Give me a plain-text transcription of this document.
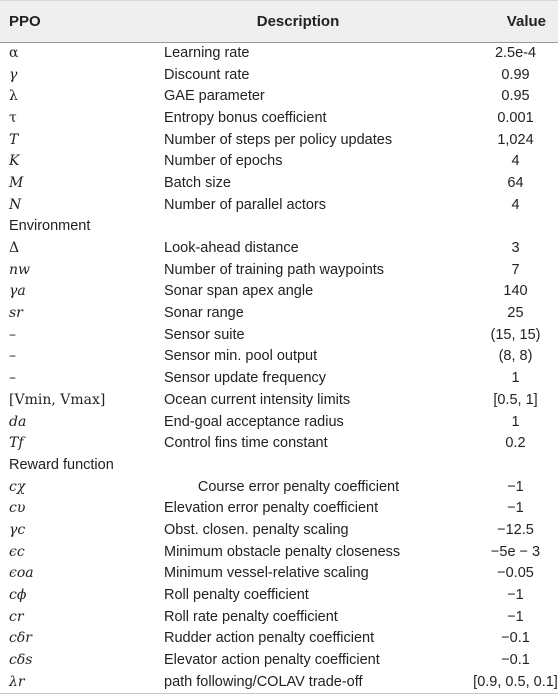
PPO	Description	Value
α	Learning rate	2.5e-4
γ	Discount rate	0.99
λ	GAE parameter	0.95
τ	Entropy bonus coefficient	0.001
T	Number of steps per policy updates	1,024
K	Number of epochs	4
M	Batch size	64
N	Number of parallel actors	4
Environment		
Δ	Look-ahead distance	3
nw	Number of training path waypoints	7
γa	Sonar span apex angle	140
sr	Sonar range	25
–	Sensor suite	(15, 15)
–	Sensor min. pool output	(8, 8)
–	Sensor update frequency	1
[Vmin, Vmax]	Ocean current intensity limits	[0.5, 1]
da	End-goal acceptance radius	1
Tf	Control fins time constant	0.2
Reward function		
cχ	Course error penalty coefficient	−1
cυ	Elevation error penalty coefficient	−1
γc	Obst. closen. penalty scaling	−12.5
ϵc	Minimum obstacle penalty closeness	−5e − 3
ϵoa	Minimum vessel-relative scaling	−0.05
cϕ	Roll penalty coefficient	−1
cr	Roll rate penalty coefficient	−1
cδr	Rudder action penalty coefficient	−0.1
cδs	Elevator action penalty coefficient	−0.1
λr	path following/COLAV trade-off	[0.9, 0.5, 0.1]
